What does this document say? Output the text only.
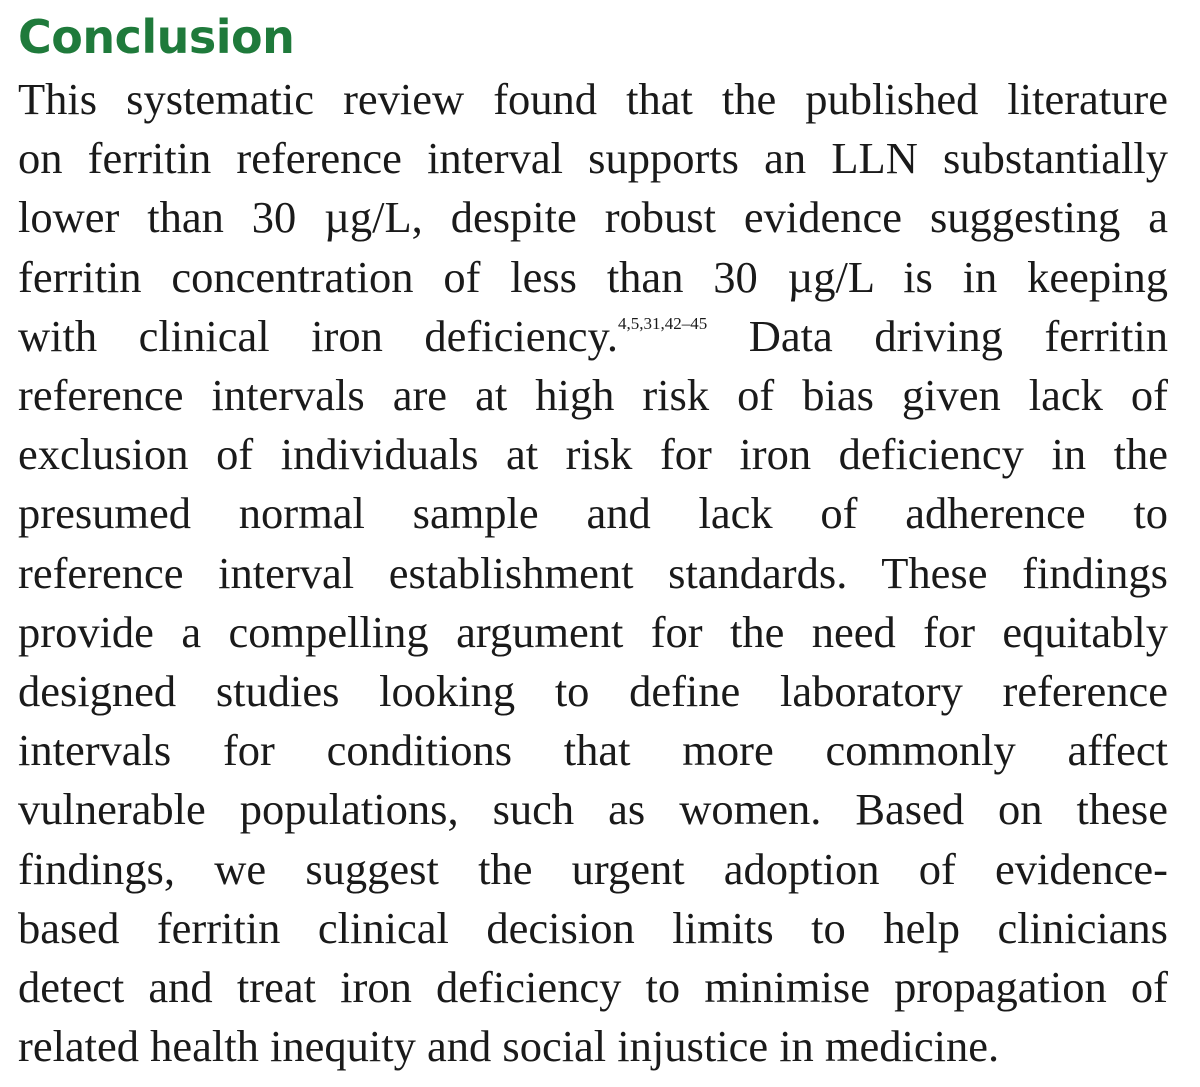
Conclusion

This systematic review found that the published literature
on ferritin reference interval supports an LLN substantially
lower than 30 µg/L, despite robust evidence suggesting a
ferritin concentration of less than 30 µg/L is in keeping
with clinical iron deficiency.$^{4,5,31,42-45}$ Data driving ferritin
reference intervals are at high risk of bias given lack of
exclusion of individuals at risk for iron deficiency in the
presumed normal sample and lack of adherence to
reference interval establishment standards. These findings
provide a compelling argument for the need for equitably
designed studies looking to define laboratory reference
intervals for conditions that more commonly affect
vulnerable populations, such as women. Based on these
findings, we suggest the urgent adoption of evidence-
based ferritin clinical decision limits to help clinicians
detect and treat iron deficiency to minimise propagation of
related health inequity and social injustice in medicine.
